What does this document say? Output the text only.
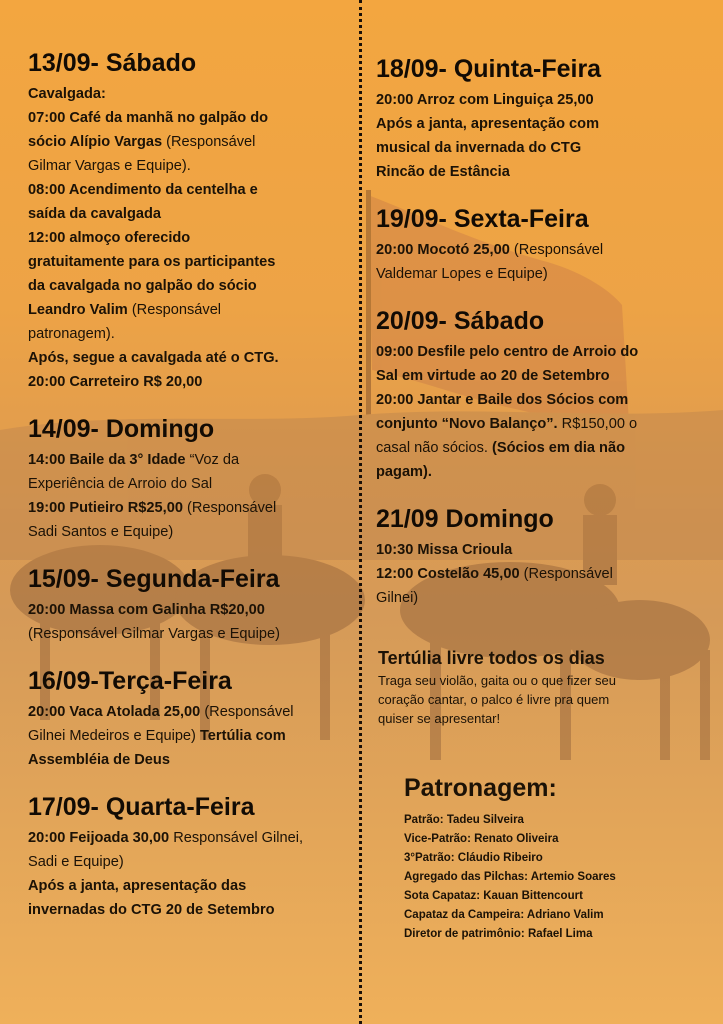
13/09- Sábado

Cavalgada:

07:00 Café da manhã no galpão do

sócio Alípio Vargas (Responsável

Gilmar Vargas e Equipe).

08:00 Acendimento da centelha e

saída da cavalgada

12:00 almoço oferecido

gratuitamente para os participantes

da cavalgada no galpão do sócio

Leandro Valim (Responsável

patronagem).

Após, segue a cavalgada até o CTG.

20:00 Carreteiro R$ 20,00

14/09- Domingo

14:00 Baile da 3° Idade “Voz da

Experiência de Arroio do Sal

19:00 Putieiro R$25,00 (Responsável

Sadi Santos e Equipe)

15/09- Segunda-Feira

20:00 Massa com Galinha R$20,00

(Responsável Gilmar Vargas e Equipe)

16/09-Terça-Feira

20:00 Vaca Atolada 25,00 (Responsável

Gilnei Medeiros e Equipe) Tertúlia com

Assembléia de Deus

17/09- Quarta-Feira

20:00 Feijoada 30,00 Responsável Gilnei,

Sadi e Equipe)

Após a janta, apresentação das

invernadas do CTG 20 de Setembro

18/09- Quinta-Feira

20:00 Arroz com Linguiça 25,00

Após a janta, apresentação com

musical da invernada do CTG

Rincão de Estância

19/09- Sexta-Feira

20:00 Mocotó 25,00 (Responsável

Valdemar Lopes e Equipe)

20/09- Sábado

09:00 Desfile pelo centro de Arroio do

Sal em virtude ao 20 de Setembro

20:00 Jantar e Baile dos Sócios com

conjunto “Novo Balanço”. R$150,00 o

casal não sócios. (Sócios em dia não

pagam).

21/09 Domingo

10:30 Missa Crioula

12:00 Costelão 45,00 (Responsável

Gilnei)

Tertúlia livre todos os dias

Traga seu violão, gaita ou o que fizer seu

coração cantar, o palco é livre pra quem

quiser se apresentar!

Patronagem:

Patrão: Tadeu Silveira

Vice-Patrão: Renato Oliveira

3°Patrão: Cláudio Ribeiro

Agregado das Pilchas: Artemio Soares

Sota Capataz: Kauan Bittencourt

Capataz da Campeira: Adriano Valim

Diretor de patrimônio: Rafael Lima
